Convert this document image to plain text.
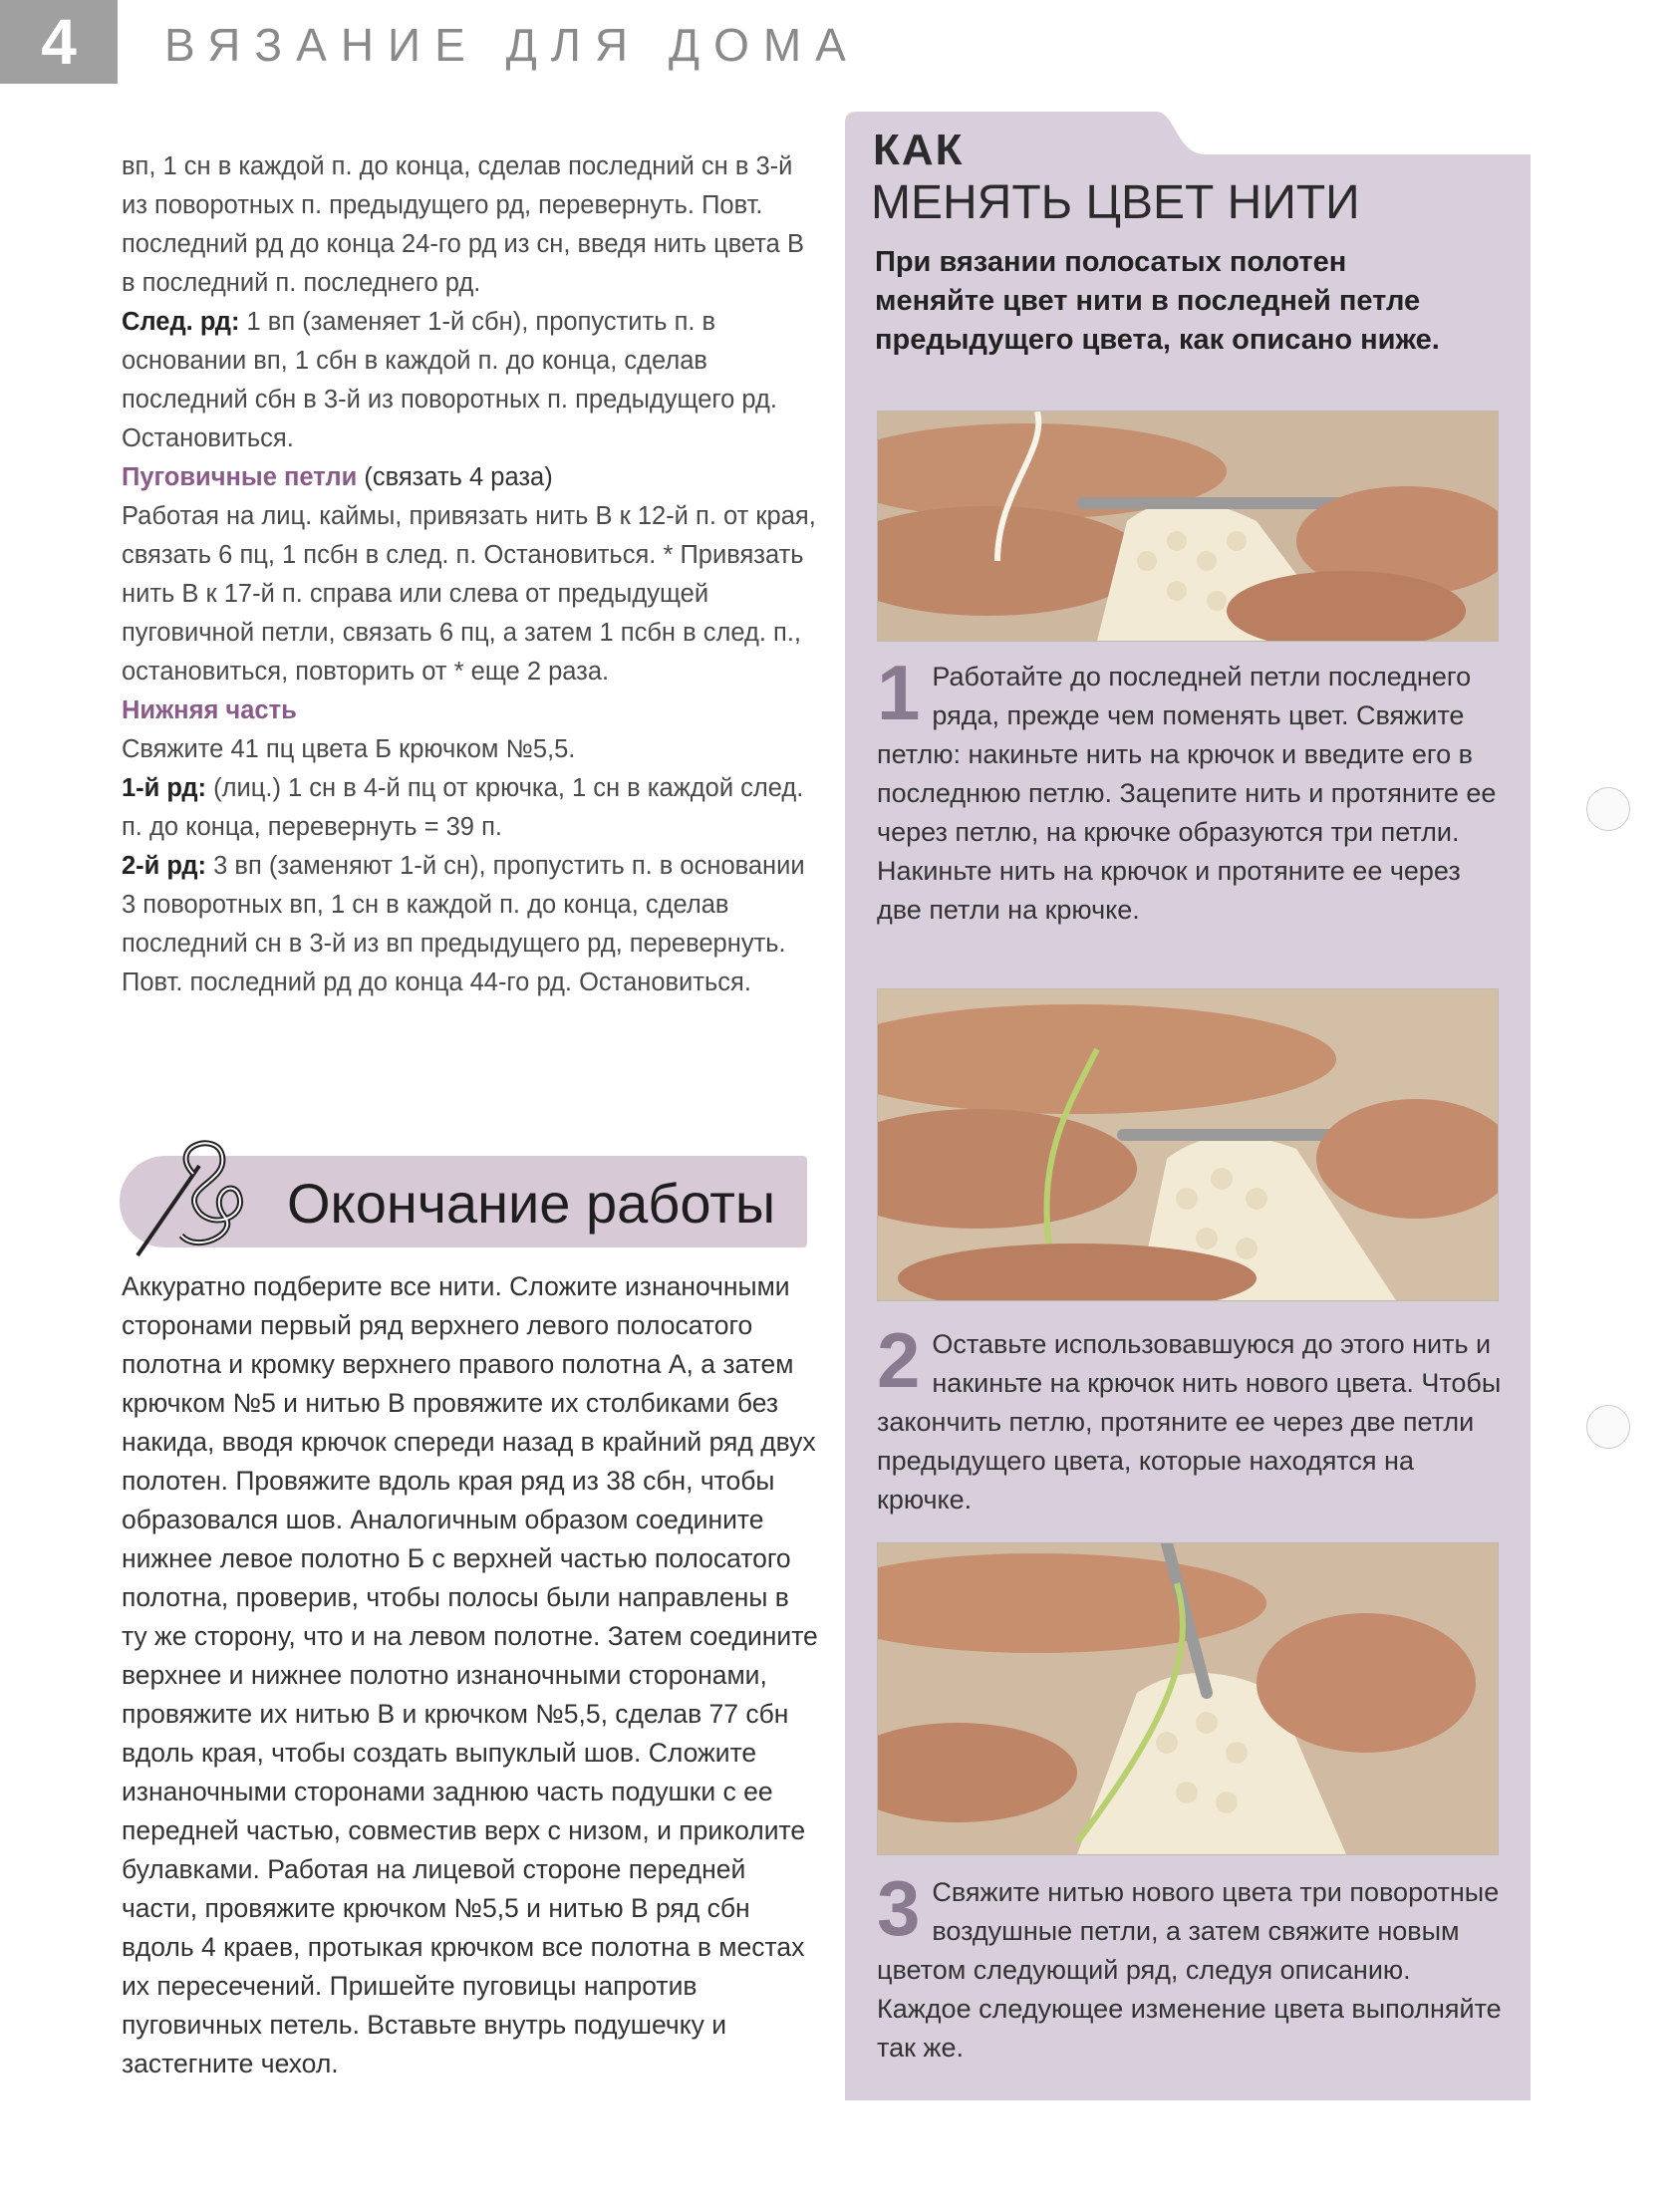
4	ВЯЗАНИЕ ДЛЯ ДОМА

вп, 1 сн в каждой п. до конца, сделав последний сн в 3-й из поворотных п. предыдущего рд, перевернуть. Повт. последний рд до конца 24-го рд из сн, введя нить цвета В в последний п. последнего рд.

След. рд: 1 вп (заменяет 1-й сбн), пропустить п. в основании вп, 1 сбн в каждой п. до конца, сделав последний сбн в 3-й из поворотных п. предыдущего рд. Остановиться.

Пуговичные петли (связать 4 раза)

Работая на лиц. каймы, привязать нить В к 12-й п. от края, связать 6 пц, 1 псбн в след. п. Остановиться. * Привязать нить В к 17-й п. справа или слева от предыдущей пуговичной петли, связать 6 пц, а затем 1 псбн в след. п., остановиться, повторить от * еще 2 раза.

Нижняя часть

Свяжите 41 пц цвета Б крючком №5,5.

1-й рд: (лиц.) 1 сн в 4-й пц от крючка, 1 сн в каждой след. п. до конца, перевернуть = 39 п.

2-й рд: 3 вп (заменяют 1-й сн), пропустить п. в основании 3 поворотных вп, 1 сн в каждой п. до конца, сделав последний сн в 3-й из вп предыдущего рд, перевернуть.

Повт. последний рд до конца 44-го рд. Остановиться.

Окончание работы
Аккуратно подберите все нити. Сложите изнаночными сторонами первый ряд верхнего левого полосатого полотна и кромку верхнего правого полотна А, а затем крючком №5 и нитью В провяжите их столбиками без накида, вводя крючок спереди назад в крайний ряд двух полотен. Провяжите вдоль края ряд из 38 сбн, чтобы образовался шов. Аналогичным образом соедините нижнее левое полотно Б с верхней частью полосатого полотна, проверив, чтобы полосы были направлены в ту же сторону, что и на левом полотне. Затем соедините верхнее и нижнее полотно изнаночными сторонами, провяжите их нитью В и крючком №5,5, сделав 77 сбн вдоль края, чтобы создать выпуклый шов. Сложите изнаночными сторонами заднюю часть подушки с ее передней частью, совместив верх с низом, и приколите булавками. Работая на лицевой стороне передней части, провяжите крючком №5,5 и нитью В ряд сбн вдоль 4 краев, протыкая крючком все полотна в местах их пересечений. Пришейте пуговицы напротив пуговичных петель. Вставьте внутрь подушечку и застегните чехол.
КАК
МЕНЯТЬ ЦВЕТ НИТИ
При вязании полосатых полотен меняйте цвет нити в последней петле предыдущего цвета, как описано ниже.
1 Работайте до последней петли последнего ряда, прежде чем поменять цвет. Свяжите петлю: накиньте нить на крючок и введите его в последнюю петлю. Зацепите нить и протяните ее через петлю, на крючке образуются три петли. Накиньте нить на крючок и протяните ее через две петли на крючке.
2 Оставьте использовавшуюся до этого нить и накиньте на крючок нить нового цвета. Чтобы закончить петлю, протяните ее через две петли предыдущего цвета, которые находятся на крючке.
3 Свяжите нитью нового цвета три поворотные воздушные петли, а затем свяжите новым цветом следующий ряд, следуя описанию. Каждое следующее изменение цвета выполняйте так же.
